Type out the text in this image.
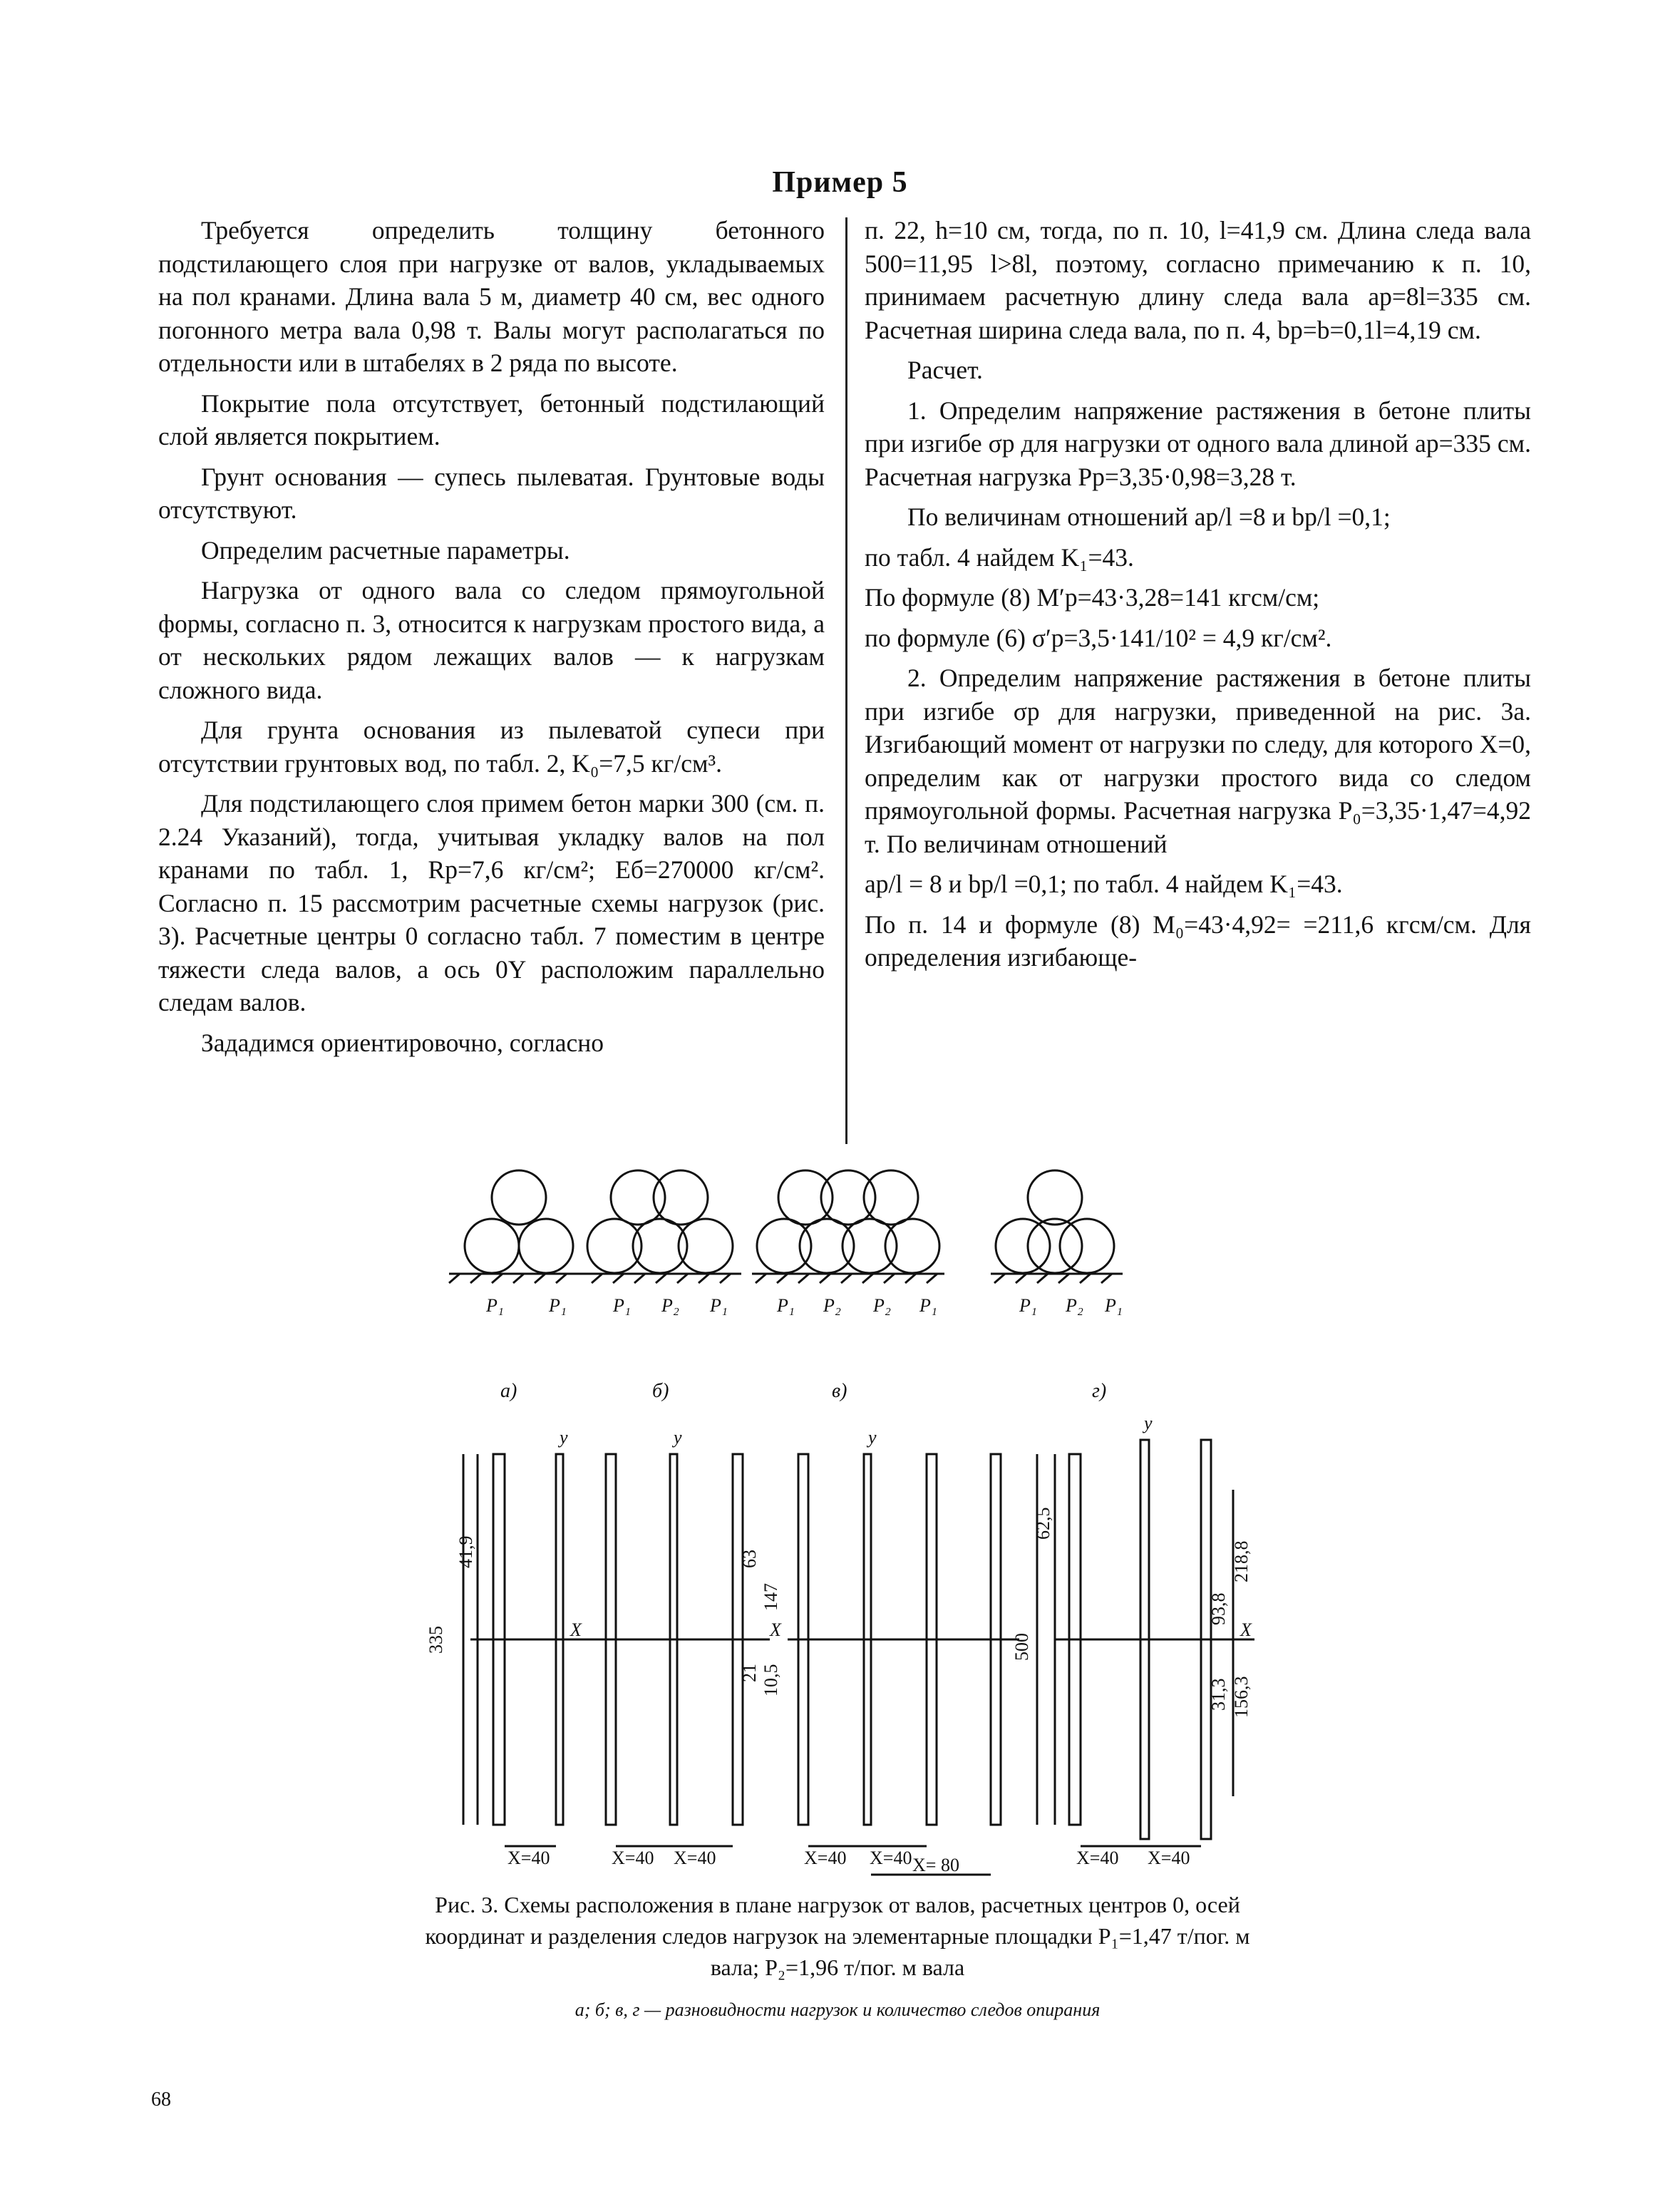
Пример 5

Требуется определить толщину бетонного подстилающего слоя при нагрузке от валов, укладываемых на пол кранами. Длина вала 5 м, диаметр 40 см, вес одного погонного метра вала 0,98 т. Валы могут располагаться по отдельности или в штабелях в 2 ряда по высоте.

Покрытие пола отсутствует, бетонный подстилающий слой является покрытием.

Грунт основания — супесь пылеватая. Грунтовые воды отсутствуют.

Определим расчетные параметры.

Нагрузка от одного вала со следом прямоугольной формы, согласно п. 3, относится к нагрузкам простого вида, а от нескольких рядом лежащих валов — к нагрузкам сложного вида.

Для грунта основания из пылеватой супеси при отсутствии грунтовых вод, по табл. 2, K₀=7,5 кг/см³.

Для подстилающего слоя примем бетон марки 300 (см. п. 2.24 Указаний), тогда, учитывая укладку валов на пол кранами по табл. 1, Rр=7,6 кг/см²; Eб=270000 кг/см². Согласно п. 15 рассмотрим расчетные схемы нагрузок (рис. 3). Расчетные центры 0 согласно табл. 7 поместим в центре тяжести следа валов, а ось 0Y расположим параллельно следам валов.

Зададимся ориентировочно, согласно

п. 22, h=10 см, тогда, по п. 10, l=41,9 см. Длина следа вала 500=11,95 l>8l, поэтому, согласно примечанию к п. 10, принимаем расчетную длину следа вала aр=8l=335 см. Расчетная ширина следа вала, по п. 4, bр=b=0,1l=4,19 см.

Расчет.

1. Определим напряжение растяжения в бетоне плиты при изгибе σр для нагрузки от одного вала длиной aр=335 см. Расчетная нагрузка Pр=3,35·0,98=3,28 т.

По величинам отношений aр/l =8 и bр/l =0,1;

по табл. 4 найдем K₁=43.

По формуле (8) M′р=43·3,28=141 кгсм/см;

по формуле (6) σ′р=3,5·141/10² = 4,9 кг/см².

2. Определим напряжение растяжения в бетоне плиты при изгибе σр для нагрузки, приведенной на рис. 3а. Изгибающий момент от нагрузки по следу, для которого X=0, определим как от нагрузки простого вида со следом прямоугольной формы. Расчетная нагрузка P₀=3,35·1,47=4,92 т. По величинам отношений

aр/l = 8 и bр/l =0,1; по табл. 4 найдем K₁=43.

По п. 14 и формуле (8) M₀=43·4,92= =211,6 кгсм/см. Для определения изгибающе-

P₁ P₁	P₁ P₂ P₁	P₁ P₂ P₂ P₁	P₁ P₂ P₁
а)	б)	в)	г)
y
X
X=40
335
41,9
y
X
63
147
21 10,5
X=40 X=40
y
X=40 X=40 X= 80
y
X
500
62,5
218,8
93,8
31,3 156,3
X=40 X=40
Рис. 3. Схемы расположения в плане нагрузок от валов, расчетных центров 0, осей координат и разделения следов нагрузок на элементарные площадки P₁=1,47 т/пог. м вала; P₂=1,96 т/пог. м вала
а; б; в, г — разновидности нагрузок и количество следов опирания
68
